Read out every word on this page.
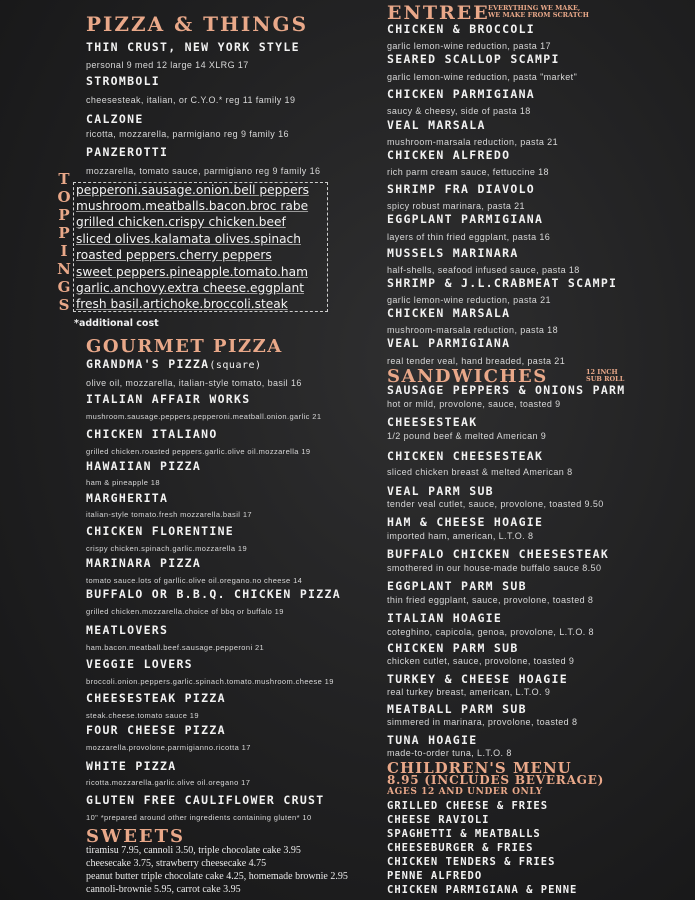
PIZZA & THINGS
THIN CRUST, NEW YORK STYLE
personal 9 med 12 large 14 XLRG 17
STROMBOLI
cheesesteak, italian, or C.Y.O.* reg 11 family 19
CALZONE
ricotta, mozzarella, parmigiano reg 9 family 16
PANZEROTTI
mozzarella, tomato sauce, parmigiano reg 9 family 16
T
O
P
P
I
N
G
S
pepperoni.sausage.onion.bell peppers
mushroom.meatballs.bacon.broc rabe
grilled chicken.crispy chicken.beef
sliced olives.kalamata olives.spinach
roasted peppers.cherry peppers
sweet peppers.pineapple.tomato.ham
garlic.anchovy.extra cheese.eggplant
fresh basil.artichoke.broccoli.steak
*additional cost
GOURMET PIZZA
GRANDMA'S PIZZA(square)
olive oil, mozzarella, italian-style tomato, basil 16
ITALIAN AFFAIR WORKS
mushroom.sausage.peppers.pepperoni.meatball.onion.garlic 21
CHICKEN ITALIANO
grilled chicken.roasted peppers.garlic.olive oil.mozzarella 19
HAWAIIAN PIZZA
ham & pineapple 18
MARGHERITA
italian-style tomato.fresh mozzarella.basil 17
CHICKEN FLORENTINE
crispy chicken.spinach.garlic.mozzarella 19
MARINARA PIZZA
tomato sauce.lots of garllic.olive oil.oregano.no cheese 14
BUFFALO OR B.B.Q. CHICKEN PIZZA
grilled chicken.mozzarella.choice of bbq or buffalo 19
MEATLOVERS
ham.bacon.meatball.beef.sausage.pepperoni 21
VEGGIE LOVERS
broccoli.onion.peppers.garlic.spinach.tomato.mushroom.cheese 19
CHEESESTEAK PIZZA
steak.cheese.tomato sauce 19
FOUR CHEESE PIZZA
mozzarella.provolone.parmigianno.ricotta 17
WHITE PIZZA
ricotta.mozzarella.garlic.olive oil.oregano 17
GLUTEN FREE CAULIFLOWER CRUST
10" *prepared around other ingredients containing gluten* 10
SWEETS
tiramisu 7.95, cannoli 3.50, triple chocolate cake 3.95
cheesecake 3.75, strawberry cheesecake 4.75
peanut butter triple chocolate cake 4.25, homemade brownie 2.95
cannoli-brownie 5.95, carrot cake 3.95
ENTREE
EVERYTHING WE MAKE,
WE MAKE FROM SCRATCH
CHICKEN & BROCCOLI
garlic lemon-wine reduction, pasta 17
SEARED SCALLOP SCAMPI
garlic lemon-wine reduction, pasta "market"
CHICKEN PARMIGIANA
saucy & cheesy, side of pasta 18
VEAL MARSALA
mushroom-marsala reduction, pasta 21
CHICKEN ALFREDO
rich parm cream sauce, fettuccine 18
SHRIMP FRA DIAVOLO
spicy robust marinara, pasta 21
EGGPLANT PARMIGIANA
layers of thin fried eggplant, pasta 16
MUSSELS MARINARA
half-shells, seafood infused sauce, pasta 18
SHRIMP & J.L.CRABMEAT SCAMPI
garlic lemon-wine reduction, pasta 21
CHICKEN MARSALA
mushroom-marsala reduction, pasta 18
VEAL PARMIGIANA
real tender veal, hand breaded, pasta 21
SANDWICHES	12 INCH
SUB ROLL
SAUSAGE PEPPERS & ONIONS PARM
hot or mild, provolone, sauce, toasted 9
CHEESESTEAK
1/2 pound beef & melted American 9
CHICKEN CHEESESTEAK
sliced chicken breast & melted American 8
VEAL PARM SUB
tender veal cutlet, sauce, provolone, toasted 9.50
HAM & CHEESE HOAGIE
imported ham, american, L.T.O. 8
BUFFALO CHICKEN CHEESESTEAK
smothered in our house-made buffalo sauce 8.50
EGGPLANT PARM SUB
thin fried eggplant, sauce, provolone, toasted 8
ITALIAN HOAGIE
coteghino, capicola, genoa, provolone, L.T.O. 8
CHICKEN PARM SUB
chicken cutlet, sauce, provolone, toasted 9
TURKEY & CHEESE HOAGIE
real turkey breast, american, L.T.O. 9
MEATBALL PARM SUB
simmered in marinara, provolone, toasted 8
TUNA HOAGIE
made-to-order tuna, L.T.O. 8
CHILDREN'S MENU
8.95 (INCLUDES BEVERAGE)
AGES 12 AND UNDER ONLY
GRILLED CHEESE & FRIES
CHEESE RAVIOLI
SPAGHETTI & MEATBALLS
CHEESEBURGER & FRIES
CHICKEN TENDERS & FRIES
PENNE ALFREDO
CHICKEN PARMIGIANA & PENNE
